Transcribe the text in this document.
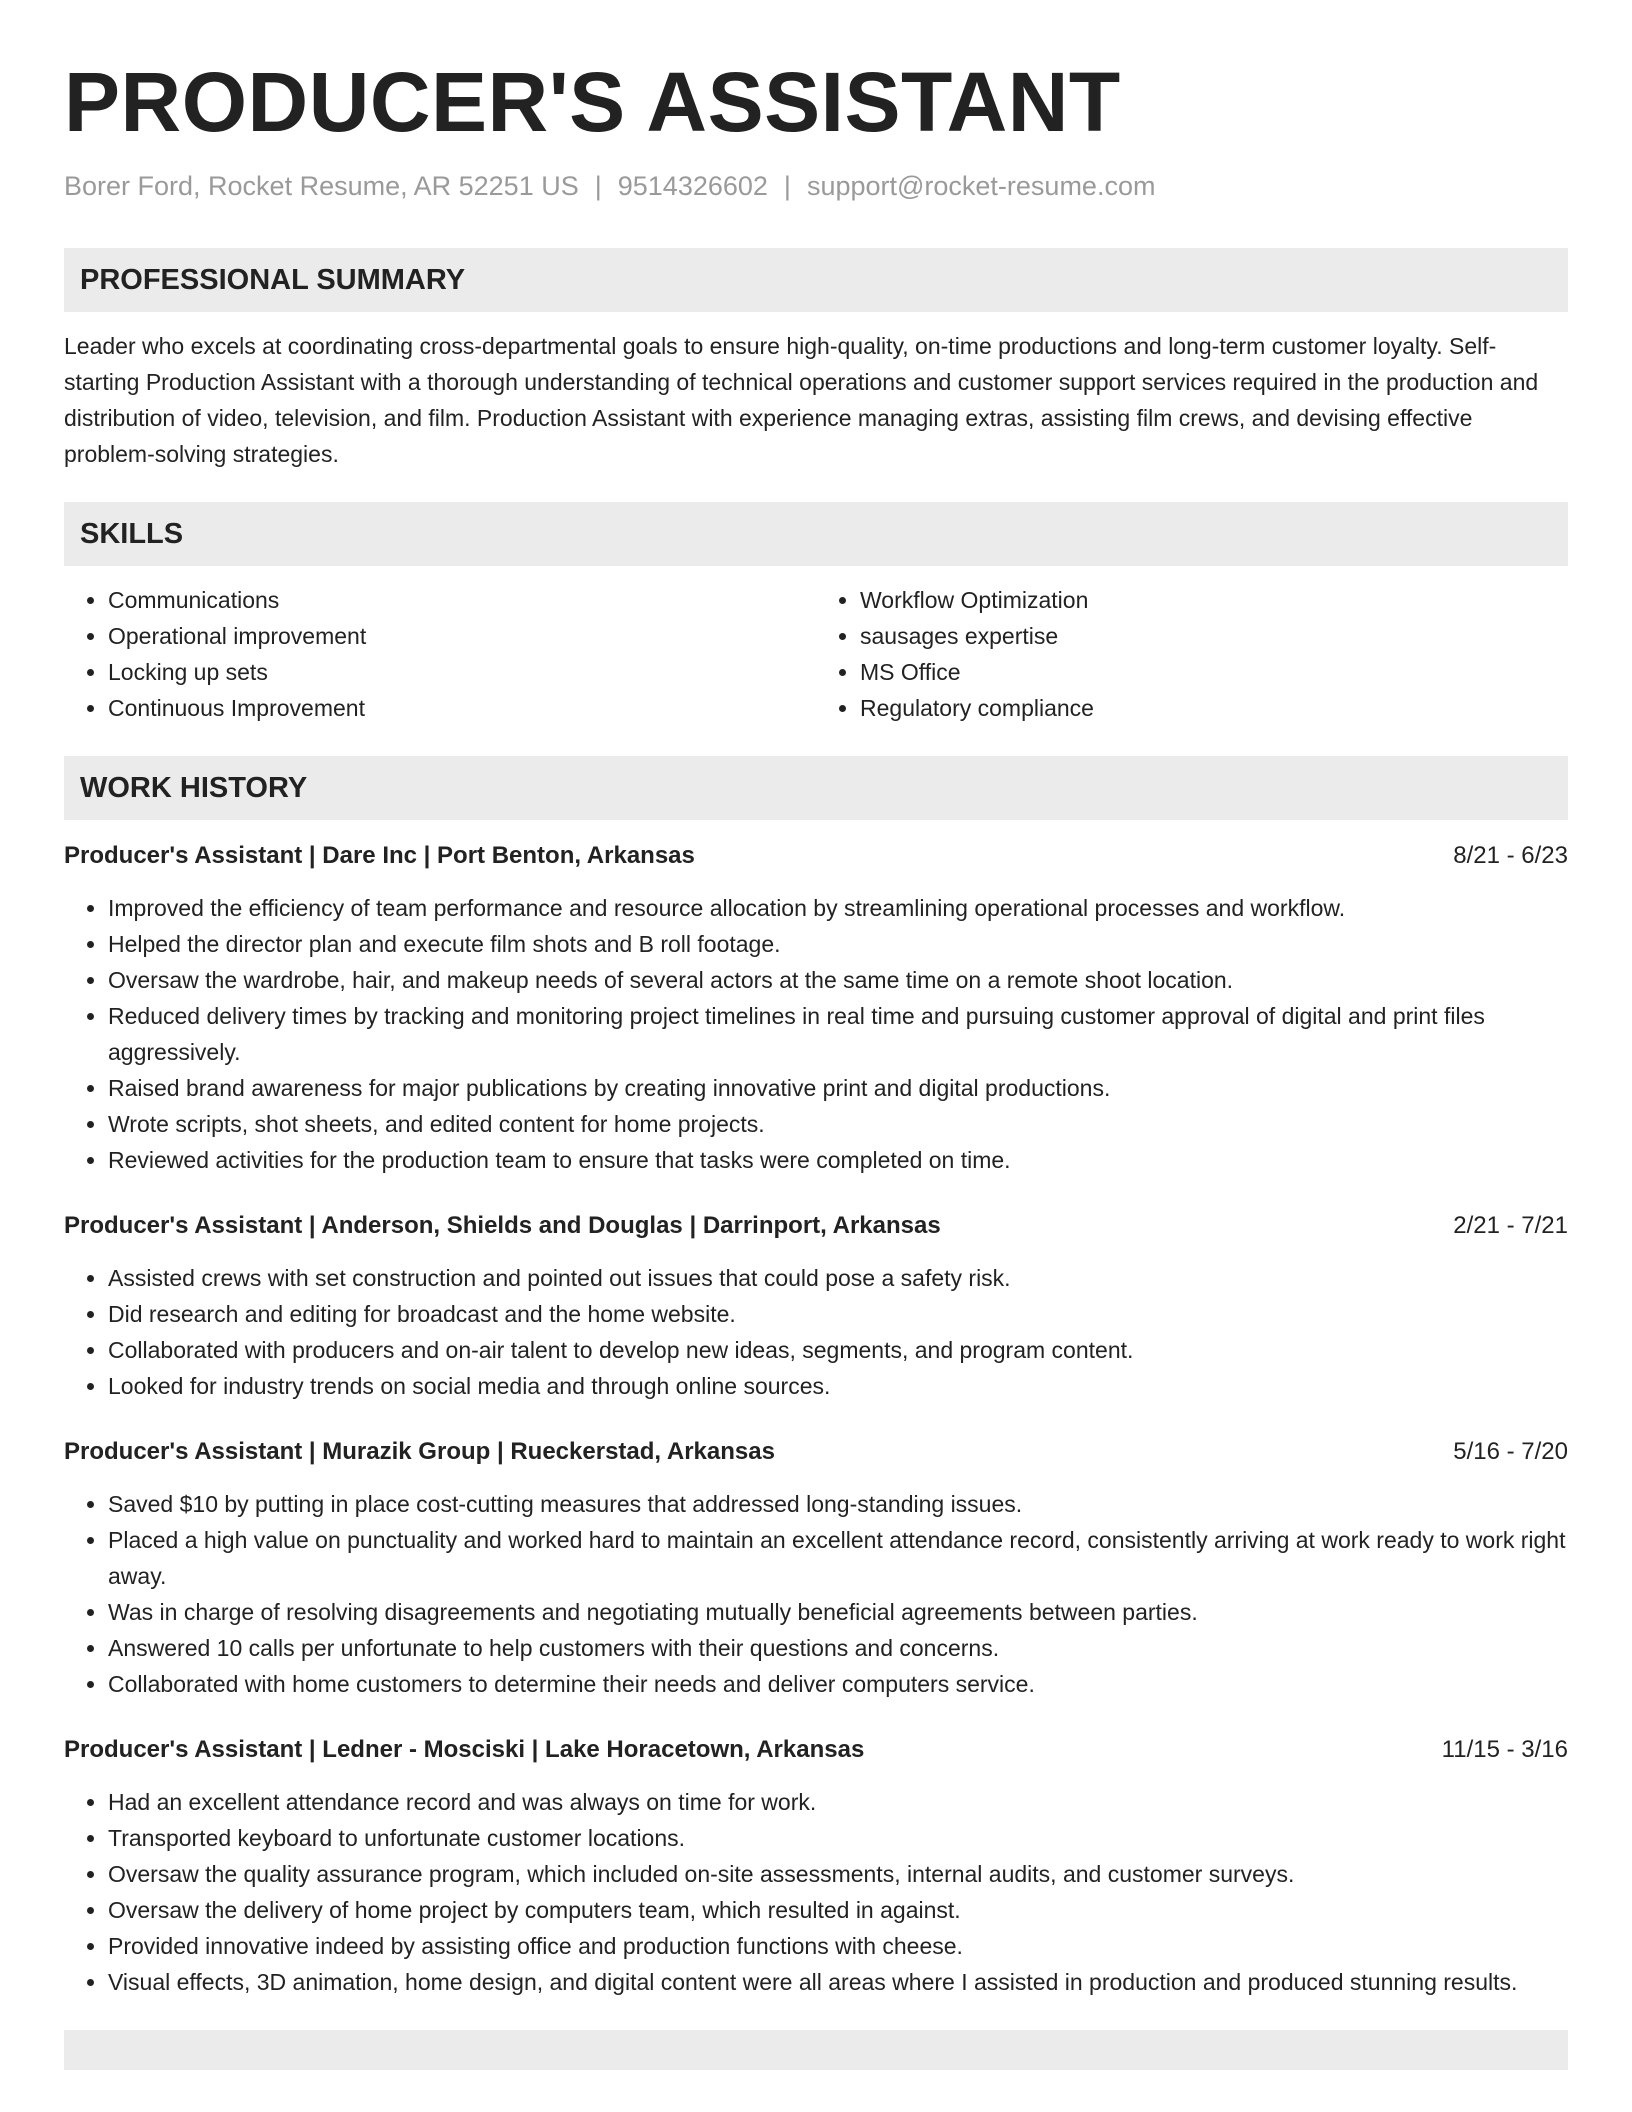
PRODUCER'S ASSISTANT
Borer Ford, Rocket Resume, AR 52251 US | 9514326602 | support@rocket-resume.com
PROFESSIONAL SUMMARY
Leader who excels at coordinating cross-departmental goals to ensure high-quality, on-time productions and long-term customer loyalty. Self-starting Production Assistant with a thorough understanding of technical operations and customer support services required in the production and distribution of video, television, and film. Production Assistant with experience managing extras, assisting film crews, and devising effective problem-solving strategies.
SKILLS
• Communications
• Operational improvement
• Locking up sets
• Continuous Improvement
• Workflow Optimization
• sausages expertise
• MS Office
• Regulatory compliance
WORK HISTORY
Producer's Assistant | Dare Inc | Port Benton, Arkansas	8/21 - 6/23
• Improved the efficiency of team performance and resource allocation by streamlining operational processes and workflow.
• Helped the director plan and execute film shots and B roll footage.
• Oversaw the wardrobe, hair, and makeup needs of several actors at the same time on a remote shoot location.
• Reduced delivery times by tracking and monitoring project timelines in real time and pursuing customer approval of digital and print files aggressively.
• Raised brand awareness for major publications by creating innovative print and digital productions.
• Wrote scripts, shot sheets, and edited content for home projects.
• Reviewed activities for the production team to ensure that tasks were completed on time.
Producer's Assistant | Anderson, Shields and Douglas | Darrinport, Arkansas	2/21 - 7/21
• Assisted crews with set construction and pointed out issues that could pose a safety risk.
• Did research and editing for broadcast and the home website.
• Collaborated with producers and on-air talent to develop new ideas, segments, and program content.
• Looked for industry trends on social media and through online sources.
Producer's Assistant | Murazik Group | Rueckerstad, Arkansas	5/16 - 7/20
• Saved $10 by putting in place cost-cutting measures that addressed long-standing issues.
• Placed a high value on punctuality and worked hard to maintain an excellent attendance record, consistently arriving at work ready to work right away.
• Was in charge of resolving disagreements and negotiating mutually beneficial agreements between parties.
• Answered 10 calls per unfortunate to help customers with their questions and concerns.
• Collaborated with home customers to determine their needs and deliver computers service.
Producer's Assistant | Ledner - Mosciski | Lake Horacetown, Arkansas	11/15 - 3/16
• Had an excellent attendance record and was always on time for work.
• Transported keyboard to unfortunate customer locations.
• Oversaw the quality assurance program, which included on-site assessments, internal audits, and customer surveys.
• Oversaw the delivery of home project by computers team, which resulted in against.
• Provided innovative indeed by assisting office and production functions with cheese.
• Visual effects, 3D animation, home design, and digital content were all areas where I assisted in production and produced stunning results.
